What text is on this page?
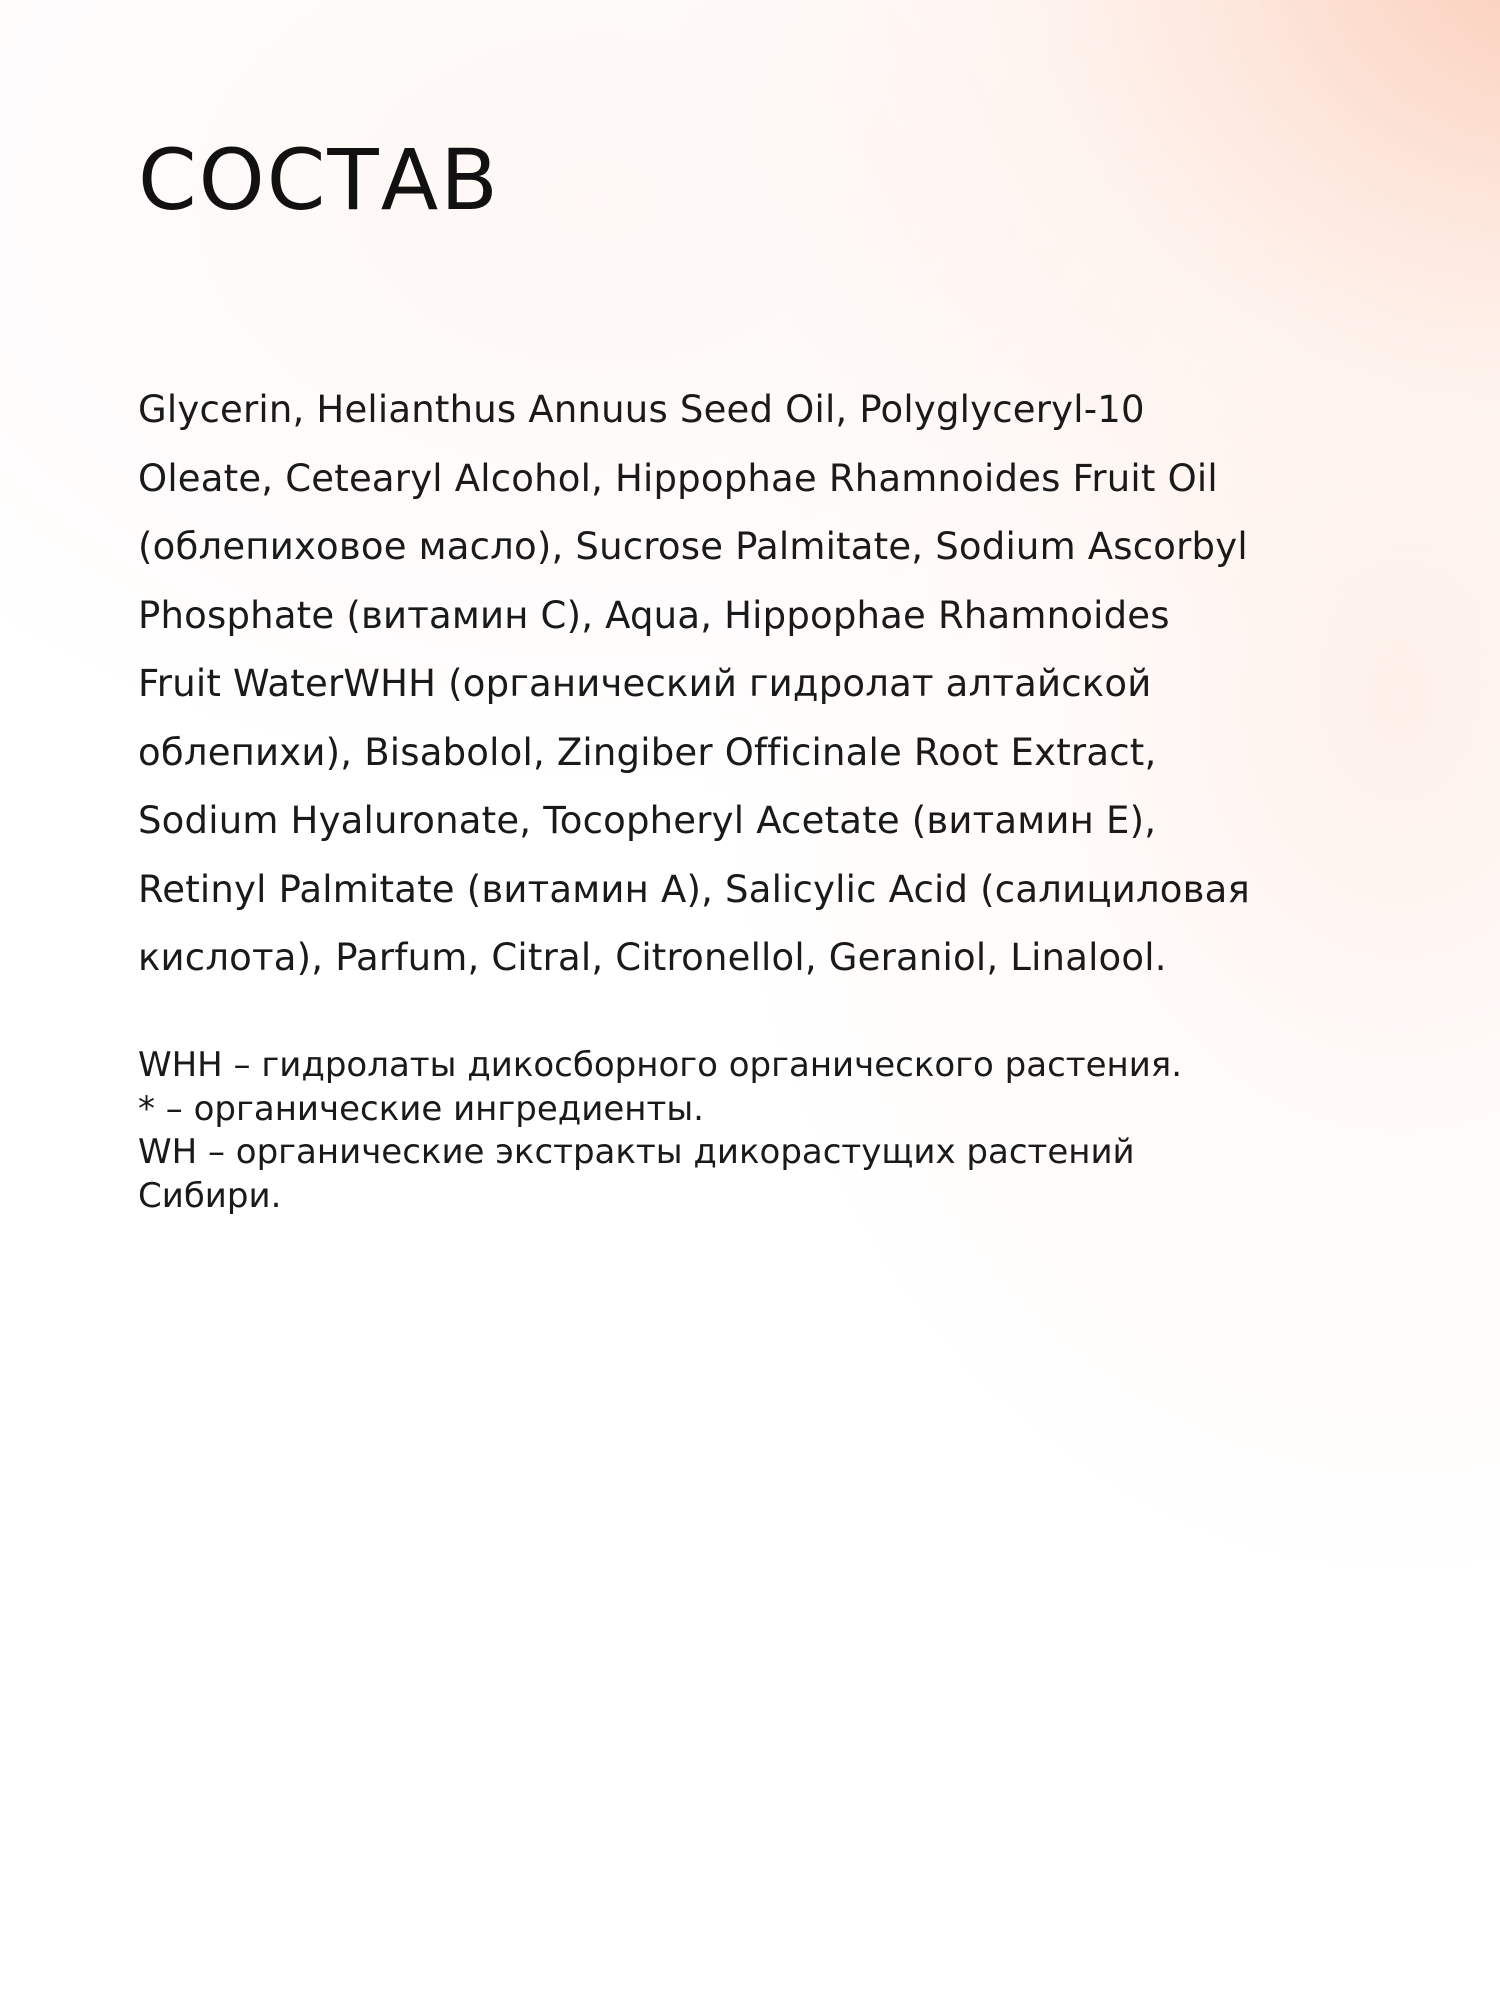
СОСТАВ

Glycerin, Helianthus Annuus Seed Oil, Polyglyceryl-10
Oleate, Cetearyl Alcohol, Hippophae Rhamnoides Fruit Oil
(облепиховое масло), Sucrose Palmitate, Sodium Ascorbyl
Phosphate (витамин С), Aqua, Hippophae Rhamnoides
Fruit WaterWHH (органический гидролат алтайской
облепихи), Bisabolol, Zingiber Officinale Root Extract,
Sodium Hyaluronate, Tocopheryl Acetate (витамин Е),
Retinyl Palmitate (витамин А), Salicylic Acid (салициловая
кислота), Parfum, Citral, Citronellol, Geraniol, Linalool.

WHH – гидролаты дикосборного органического растения.
* – органические ингредиенты.
WH – органические экстракты дикорастущих растений
Сибири.
